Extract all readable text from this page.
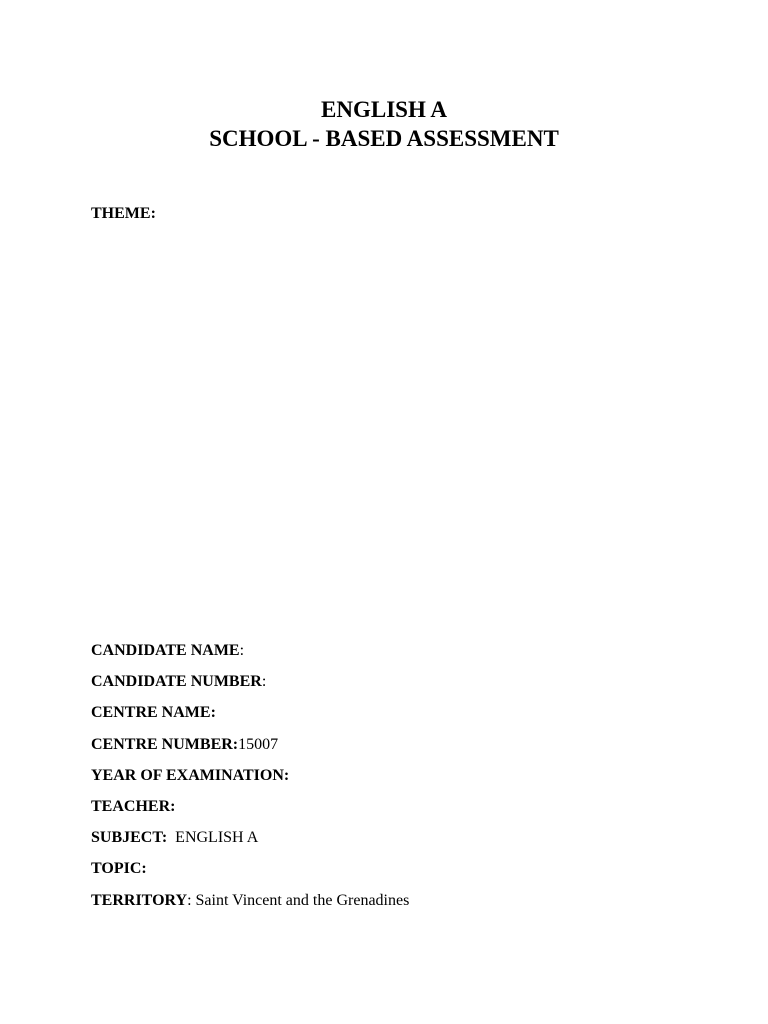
ENGLISH A
SCHOOL - BASED ASSESSMENT
THEME:
CANDIDATE NAME:
CANDIDATE NUMBER:
CENTRE NAME:
CENTRE NUMBER:15007
YEAR OF EXAMINATION:
TEACHER:
SUBJECT:  ENGLISH A
TOPIC:
TERRITORY: Saint Vincent and the Grenadines
